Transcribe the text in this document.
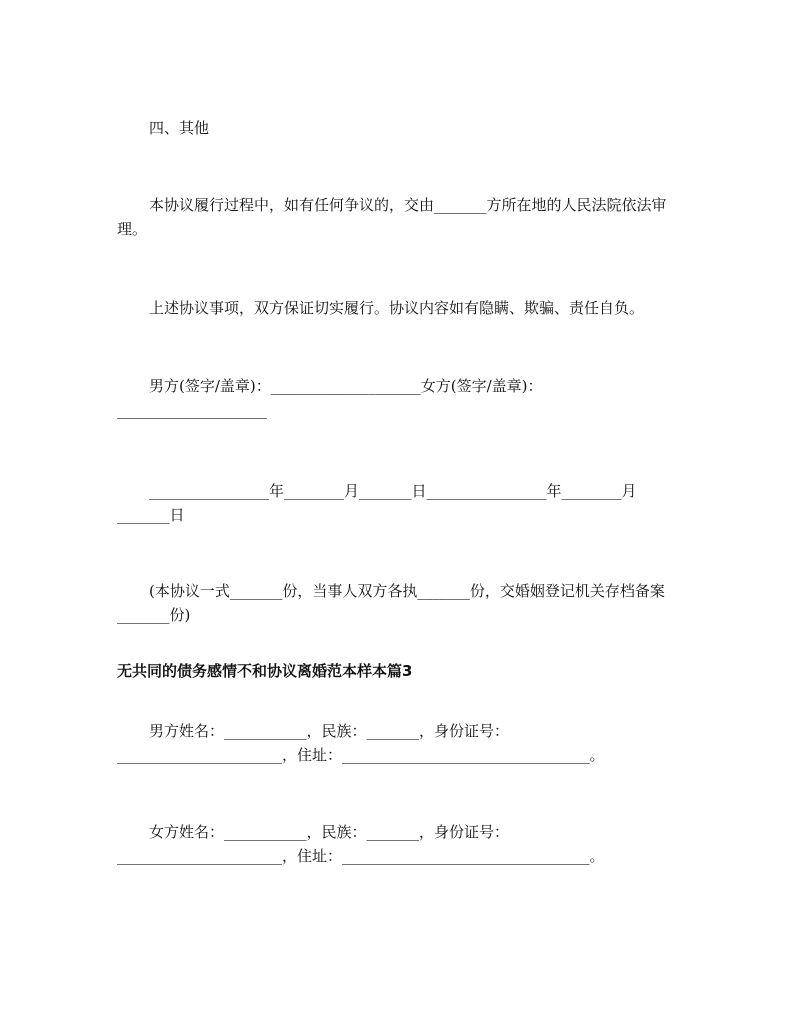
四、其他

本协议履行过程中，如有任何争议的，交由_______方所在地的人民法院依法审理。

上述协议事项，双方保证切实履行。协议内容如有隐瞒、欺骗、责任自负。

男方(签字/盖章)：____________________女方(签字/盖章)：____________________

________________年________月_______日________________年________月_______日

(本协议一式_______份，当事人双方各执_______份，交婚姻登记机关存档备案_______份)

无共同的债务感情不和协议离婚范本样本篇3

男方姓名：___________，民族：_______，身份证号：______________________，住址：_________________________________。

女方姓名：___________，民族：_______，身份证号：______________________，住址：_________________________________。
